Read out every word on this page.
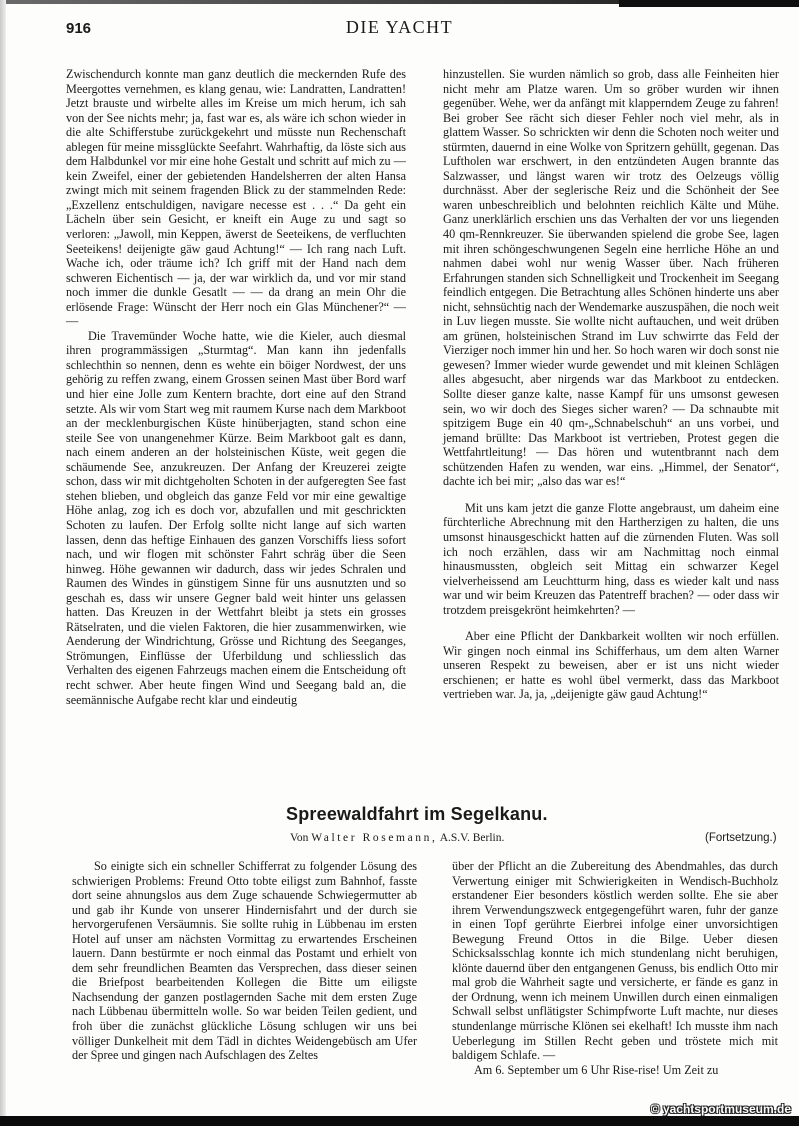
916	DIE YACHT

Zwischendurch konnte man ganz deutlich die meckernden Rufe des Meergottes vernehmen, es klang genau, wie: Landratten, Landratten! Jetzt brauste und wirbelte alles im Kreise um mich herum, ich sah von der See nichts mehr; ja, fast war es, als wäre ich schon wieder in die alte Schifferstube zurückgekehrt und müsste nun Rechenschaft ablegen für meine missglückte Seefahrt. Wahrhaftig, da löste sich aus dem Halbdunkel vor mir eine hohe Gestalt und schritt auf mich zu — kein Zweifel, einer der gebietenden Handelsherren der alten Hansa zwingt mich mit seinem fragenden Blick zu der stammelnden Rede: „Exzellenz entschuldigen, navigare necesse est . . .“ Da geht ein Lächeln über sein Gesicht, er kneift ein Auge zu und sagt so verloren: „Jawoll, min Keppen, äwerst de Seeteikens, de verfluchten Seeteikens! deijenigte gäw gaud Achtung!“ — Ich rang nach Luft. Wache ich, oder träume ich? Ich griff mit der Hand nach dem schweren Eichentisch — ja, der war wirklich da, und vor mir stand noch immer die dunkle Gesatlt — — da drang an mein Ohr die erlösende Frage: Wünscht der Herr noch ein Glas Münchener?“ — —

Die Travemünder Woche hatte, wie die Kieler, auch diesmal ihren programmässigen „Sturmtag“. Man kann ihn jedenfalls schlechthin so nennen, denn es wehte ein böiger Nordwest, der uns gehörig zu reffen zwang, einem Grossen seinen Mast über Bord warf und hier eine Jolle zum Kentern brachte, dort eine auf den Strand setzte. Als wir vom Start weg mit raumem Kurse nach dem Markboot an der mecklenburgischen Küste hinüberjagten, stand schon eine steile See von unangenehmer Kürze. Beim Markboot galt es dann, nach einem anderen an der holsteinischen Küste, weit gegen die schäumende See, anzukreuzen. Der Anfang der Kreuzerei zeigte schon, dass wir mit dichtgeholten Schoten in der aufgeregten See fast stehen blieben, und obgleich das ganze Feld vor mir eine gewaltige Höhe anlag, zog ich es doch vor, abzufallen und mit geschrickten Schoten zu laufen. Der Erfolg sollte nicht lange auf sich warten lassen, denn das heftige Einhauen des ganzen Vorschiffs liess sofort nach, und wir flogen mit schönster Fahrt schräg über die Seen hinweg. Höhe gewannen wir dadurch, dass wir jedes Schralen und Raumen des Windes in günstigem Sinne für uns ausnutzten und so geschah es, dass wir unsere Gegner bald weit hinter uns gelassen hatten. Das Kreuzen in der Wettfahrt bleibt ja stets ein grosses Rätselraten, und die vielen Faktoren, die hier zusammenwirken, wie Aenderung der Windrichtung, Grösse und Richtung des Seeganges, Strömungen, Einflüsse der Uferbildung und schliesslich das Verhalten des eigenen Fahrzeugs machen einem die Entscheidung oft recht schwer. Aber heute fingen Wind und Seegang bald an, die seemännische Aufgabe recht klar und eindeutig

hinzustellen. Sie wurden nämlich so grob, dass alle Feinheiten hier nicht mehr am Platze waren. Um so gröber wurden wir ihnen gegenüber. Wehe, wer da anfängt mit klapperndem Zeuge zu fahren! Bei grober See rächt sich dieser Fehler noch viel mehr, als in glattem Wasser. So schrickten wir denn die Schoten noch weiter und stürmten, dauernd in eine Wolke von Spritzern gehüllt, gegenan. Das Luftholen war erschwert, in den entzündeten Augen brannte das Salzwasser, und längst waren wir trotz des Oelzeugs völlig durchnässt. Aber der seglerische Reiz und die Schönheit der See waren unbeschreiblich und belohnten reichlich Kälte und Mühe. Ganz unerklärlich erschien uns das Verhalten der vor uns liegenden 40 qm-Rennkreuzer. Sie überwanden spielend die grobe See, lagen mit ihren schöngeschwungenen Segeln eine herrliche Höhe an und nahmen dabei wohl nur wenig Wasser über. Nach früheren Erfahrungen standen sich Schnelligkeit und Trockenheit im Seegang feindlich entgegen. Die Betrachtung alles Schönen hinderte uns aber nicht, sehnsüchtig nach der Wendemarke auszuspähen, die noch weit in Luv liegen musste. Sie wollte nicht auftauchen, und weit drüben am grünen, holsteinischen Strand im Luv schwirrte das Feld der Vierziger noch immer hin und her. So hoch waren wir doch sonst nie gewesen? Immer wieder wurde gewendet und mit kleinen Schlägen alles abgesucht, aber nirgends war das Markboot zu entdecken. Sollte dieser ganze kalte, nasse Kampf für uns umsonst gewesen sein, wo wir doch des Sieges sicher waren? — Da schnaubte mit spitzigem Buge ein 40 qm-„Schnabelschuh“ an uns vorbei, und jemand brüllte: Das Markboot ist vertrieben, Protest gegen die Wettfahrtleitung! — Das hören und wutentbrannt nach dem schützenden Hafen zu wenden, war eins. „Himmel, der Senator“, dachte ich bei mir; „also das war es!“

Mit uns kam jetzt die ganze Flotte angebraust, um daheim eine fürchterliche Abrechnung mit den Hartherzigen zu halten, die uns umsonst hinausgeschickt hatten auf die zürnenden Fluten. Was soll ich noch erzählen, dass wir am Nachmittag noch einmal hinausmussten, obgleich seit Mittag ein schwarzer Kegel vielverheissend am Leuchtturm hing, dass es wieder kalt und nass war und wir beim Kreuzen das Patentreff brachen? — oder dass wir trotzdem preisgekrönt heimkehrten? —

Aber eine Pflicht der Dankbarkeit wollten wir noch erfüllen. Wir gingen noch einmal ins Schifferhaus, um dem alten Warner unseren Respekt zu beweisen, aber er ist uns nicht wieder erschienen; er hatte es wohl übel vermerkt, dass das Markboot vertrieben war. Ja, ja, „deijenigte gäw gaud Achtung!“

Spreewaldfahrt im Segelkanu.
Von Walter Rosemann, A.S.V. Berlin.	(Fortsetzung.)

So einigte sich ein schneller Schifferrat zu folgender Lösung des schwierigen Problems: Freund Otto tobte eiligst zum Bahnhof, fasste dort seine ahnungslos aus dem Zuge schauende Schwiegermutter ab und gab ihr Kunde von unserer Hindernisfahrt und der durch sie hervorgerufenen Versäumnis. Sie sollte ruhig in Lübbenau im ersten Hotel auf unser am nächsten Vormittag zu erwartendes Erscheinen lauern. Dann bestürmte er noch einmal das Postamt und erhielt von dem sehr freundlichen Beamten das Versprechen, dass dieser seinen die Briefpost bearbeitenden Kollegen die Bitte um eiligste Nachsendung der ganzen postlagernden Sache mit dem ersten Zuge nach Lübbenau übermitteln wolle. So war beiden Teilen gedient, und froh über die zunächst glückliche Lösung schlugen wir uns bei völliger Dunkelheit mit dem Tädl in dichtes Weidengebüsch am Ufer der Spree und gingen nach Aufschlagen des Zeltes

über der Pflicht an die Zubereitung des Abendmahles, das durch Verwertung einiger mit Schwierigkeiten in Wendisch-Buchholz erstandener Eier besonders köstlich werden sollte. Ehe sie aber ihrem Verwendungszweck entgegengeführt waren, fuhr der ganze in einen Topf gerührte Eierbrei infolge einer unvorsichtigen Bewegung Freund Ottos in die Bilge. Ueber diesen Schicksalsschlag konnte ich mich stundenlang nicht beruhigen, klönte dauernd über den entgangenen Genuss, bis endlich Otto mir mal grob die Wahrheit sagte und versicherte, er fände es ganz in der Ordnung, wenn ich meinem Unwillen durch einen einmaligen Schwall selbst unflätigster Schimpfworte Luft machte, nur dieses stundenlange mürrische Klönen sei ekelhaft! Ich musste ihm nach Ueberlegung im Stillen Recht geben und tröstete mich mit baldigem Schlafe. —

Am 6. September um 6 Uhr Rise-rise! Um Zeit zu

© yachtsportmuseum.de
